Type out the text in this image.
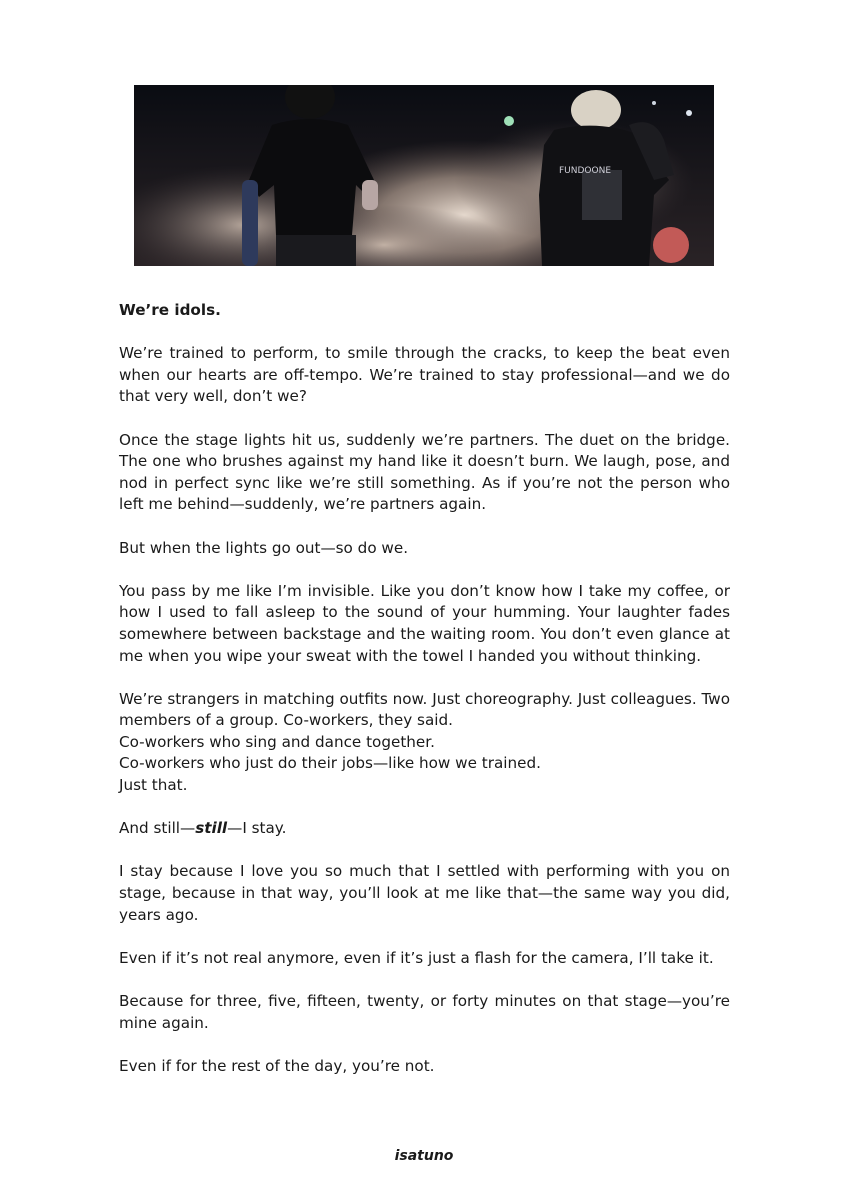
FUNDOONE

We’re idols.

We’re trained to perform, to smile through the cracks, to keep the beat even when our hearts are off-tempo. We’re trained to stay professional—and we do that very well, don’t we?

Once the stage lights hit us, suddenly we’re partners. The duet on the bridge. The one who brushes against my hand like it doesn’t burn. We laugh, pose, and nod in perfect sync like we’re still something. As if you’re not the person who left me behind—suddenly, we’re partners again.

But when the lights go out—so do we.

You pass by me like I’m invisible. Like you don’t know how I take my coffee, or how I used to fall asleep to the sound of your humming. Your laughter fades somewhere between backstage and the waiting room. You don’t even glance at me when you wipe your sweat with the towel I handed you without thinking.

We’re strangers in matching outfits now. Just choreography. Just colleagues. Two members of a group. Co-workers, they said.
Co-workers who sing and dance together.
Co-workers who just do their jobs—like how we trained.
Just that.

And still—still—I stay.

I stay because I love you so much that I settled with performing with you on stage, because in that way, you’ll look at me like that—the same way you did, years ago.

Even if it’s not real anymore, even if it’s just a flash for the camera, I’ll take it.

Because for three, five, fifteen, twenty, or forty minutes on that stage—you’re mine again.

Even if for the rest of the day, you’re not.

isatuno
